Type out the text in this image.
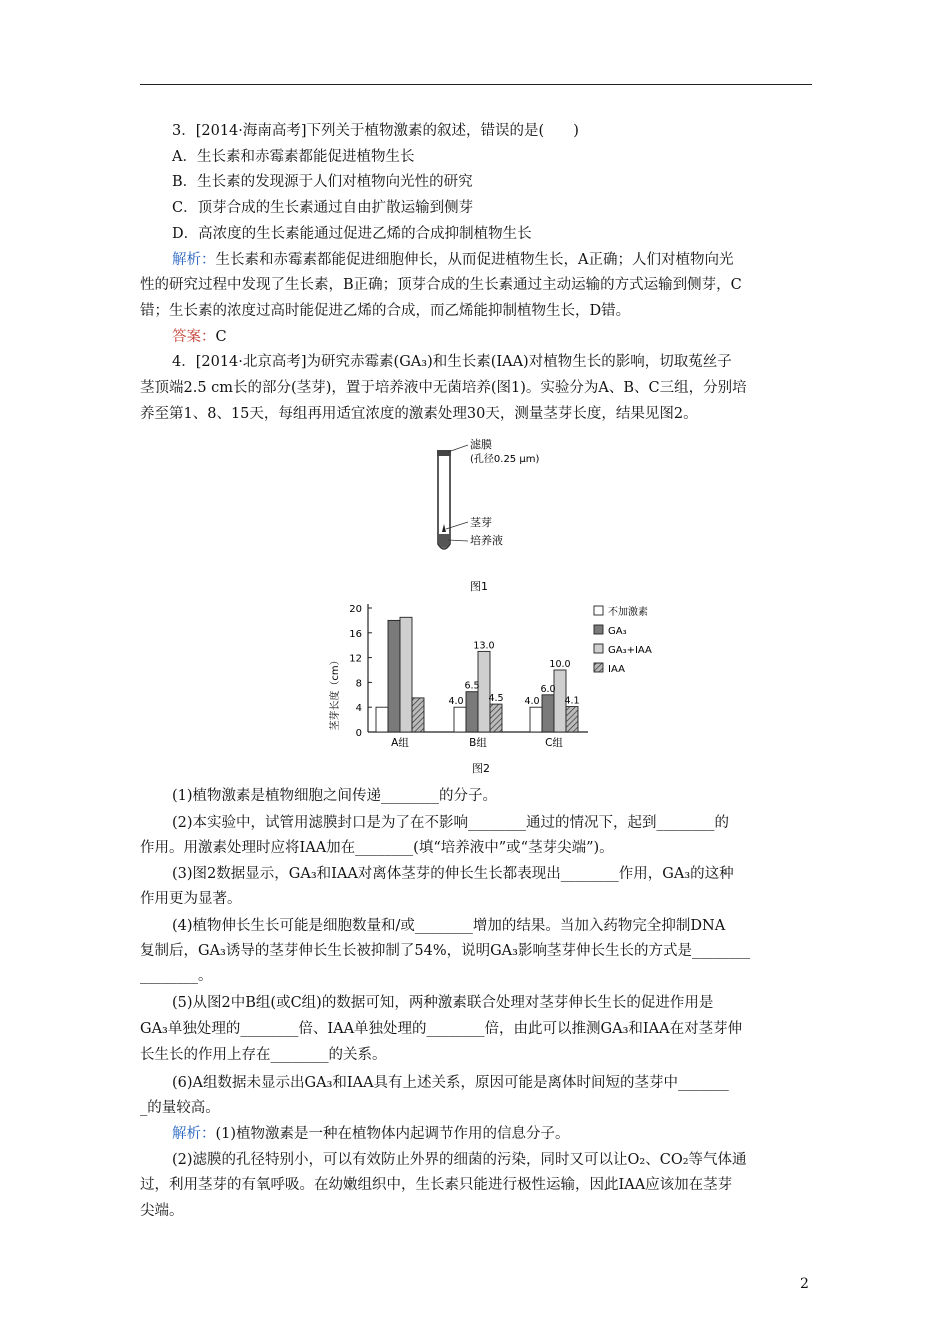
3．[2014·海南高考]下列关于植物激素的叙述，错误的是(　　)
A．生长素和赤霉素都能促进植物生长
B．生长素的发现源于人们对植物向光性的研究
C．顶芽合成的生长素通过自由扩散运输到侧芽
D．高浓度的生长素能通过促进乙烯的合成抑制植物生长
解析：生长素和赤霉素都能促进细胞伸长，从而促进植物生长，A正确；人们对植物向光
性的研究过程中发现了生长素，B正确；顶芽合成的生长素通过主动运输的方式运输到侧芽，C
错；生长素的浓度过高时能促进乙烯的合成，而乙烯能抑制植物生长，D错。
答案：C
4．[2014·北京高考]为研究赤霉素(GA₃)和生长素(IAA)对植物生长的影响，切取菟丝子
茎顶端2.5 cm长的部分(茎芽)，置于培养液中无菌培养(图1)。实验分为A、B、C三组，分别培
养至第1、8、15天，每组再用适宜浓度的激素处理30天，测量茎芽长度，结果见图2。
滤膜
(孔径0.25 μm)
茎芽
培养液
图1
0
4
8
12
16
20
A组
4.0
6.5
13.0
4.5
B组
4.0
6.0
10.0
4.1
C组
不加激素
GA₃
GA₃+IAA
IAA
茎芽长度（cm）
图2
(1)植物激素是植物细胞之间传递________的分子。
(2)本实验中，试管用滤膜封口是为了在不影响________通过的情况下，起到________的
作用。用激素处理时应将IAA加在________(填“培养液中”或“茎芽尖端”)。
(3)图2数据显示，GA₃和IAA对离体茎芽的伸长生长都表现出________作用，GA₃的这种
作用更为显著。
(4)植物伸长生长可能是细胞数量和/或________增加的结果。当加入药物完全抑制DNA
复制后，GA₃诱导的茎芽伸长生长被抑制了54%，说明GA₃影响茎芽伸长生长的方式是________
________。
(5)从图2中B组(或C组)的数据可知，两种激素联合处理对茎芽伸长生长的促进作用是
GA₃单独处理的________倍、IAA单独处理的________倍，由此可以推测GA₃和IAA在对茎芽伸
长生长的作用上存在________的关系。
(6)A组数据未显示出GA₃和IAA具有上述关系，原因可能是离体时间短的茎芽中_______
_的量较高。
解析：(1)植物激素是一种在植物体内起调节作用的信息分子。
(2)滤膜的孔径特别小，可以有效防止外界的细菌的污染，同时又可以让O₂、CO₂等气体通
过，利用茎芽的有氧呼吸。在幼嫩组织中，生长素只能进行极性运输，因此IAA应该加在茎芽
尖端。
2
